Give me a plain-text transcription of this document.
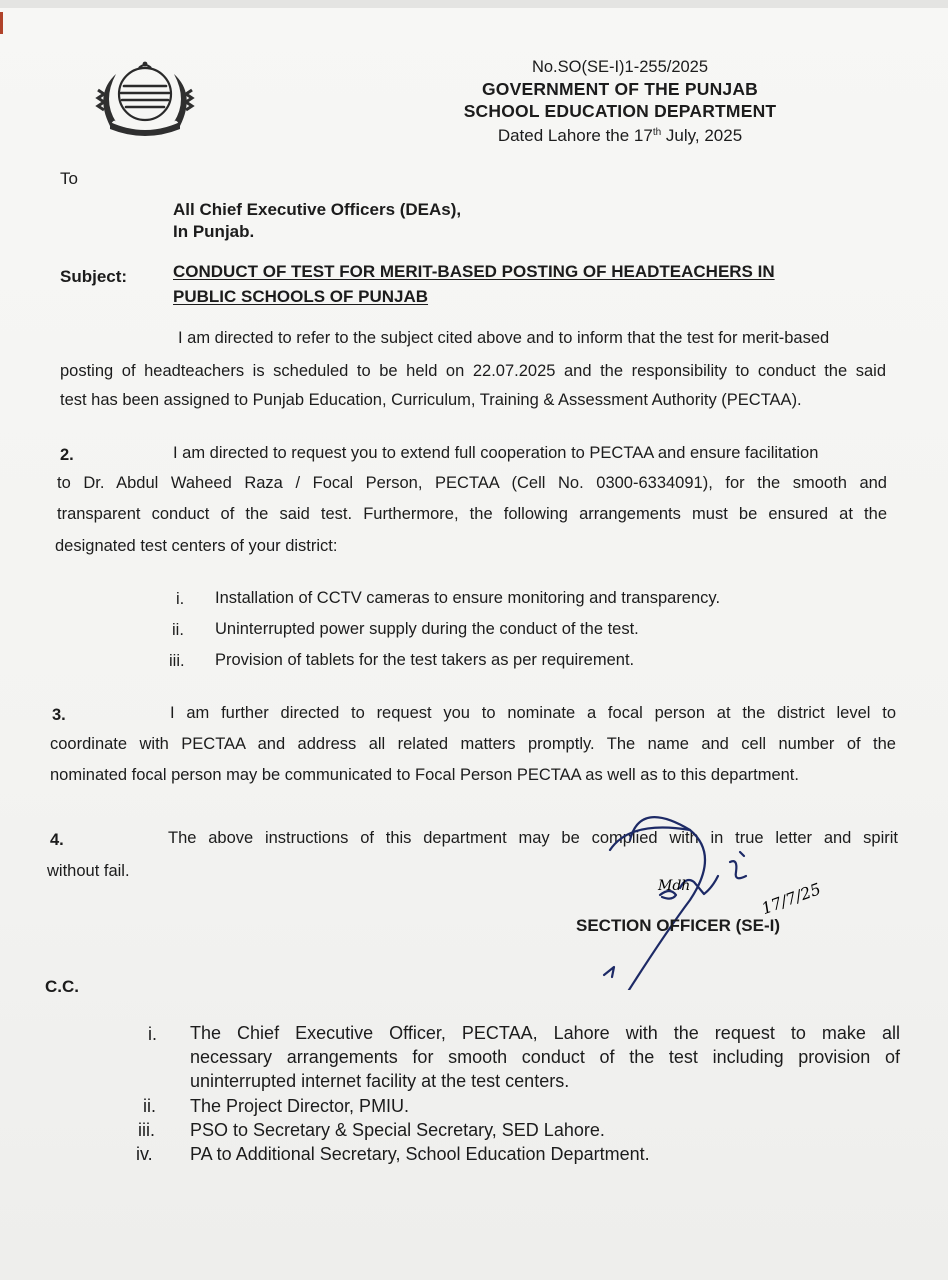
No.SO(SE-I)1-255/2025
GOVERNMENT OF THE PUNJAB
SCHOOL EDUCATION DEPARTMENT
Dated Lahore the 17th July, 2025
To
All Chief Executive Officers (DEAs),
In Punjab.
Subject:	CONDUCT OF TEST FOR MERIT-BASED POSTING OF HEADTEACHERS IN
PUBLIC SCHOOLS OF PUNJAB
I am directed to refer to the subject cited above and to inform that the test for merit-based
posting of headteachers is scheduled to be held on 22.07.2025 and the responsibility to conduct the said
test has been assigned to Punjab Education, Curriculum, Training & Assessment Authority (PECTAA).
2.	I am directed to request you to extend full cooperation to PECTAA and ensure facilitation
to Dr. Abdul Waheed Raza / Focal Person, PECTAA (Cell No. 0300-6334091), for the smooth and
transparent conduct of the said test. Furthermore, the following arrangements must be ensured at the
designated test centers of your district:
i. Installation of CCTV cameras to ensure monitoring and transparency.
ii. Uninterrupted power supply during the conduct of the test.
iii. Provision of tablets for the test takers as per requirement.
3.	I am further directed to request you to nominate a focal person at the district level to
coordinate with PECTAA and address all related matters promptly. The name and cell number of the
nominated focal person may be communicated to Focal Person PECTAA as well as to this department.
4.	The above instructions of this department may be complied with in true letter and spirit
without fail.
17/7/25
Mdh
SECTION OFFICER (SE-I)
C.C.
i. The Chief Executive Officer, PECTAA, Lahore with the request to make all
necessary arrangements for smooth conduct of the test including provision of
uninterrupted internet facility at the test centers.
ii. The Project Director, PMIU.
iii. PSO to Secretary & Special Secretary, SED Lahore.
iv. PA to Additional Secretary, School Education Department.
